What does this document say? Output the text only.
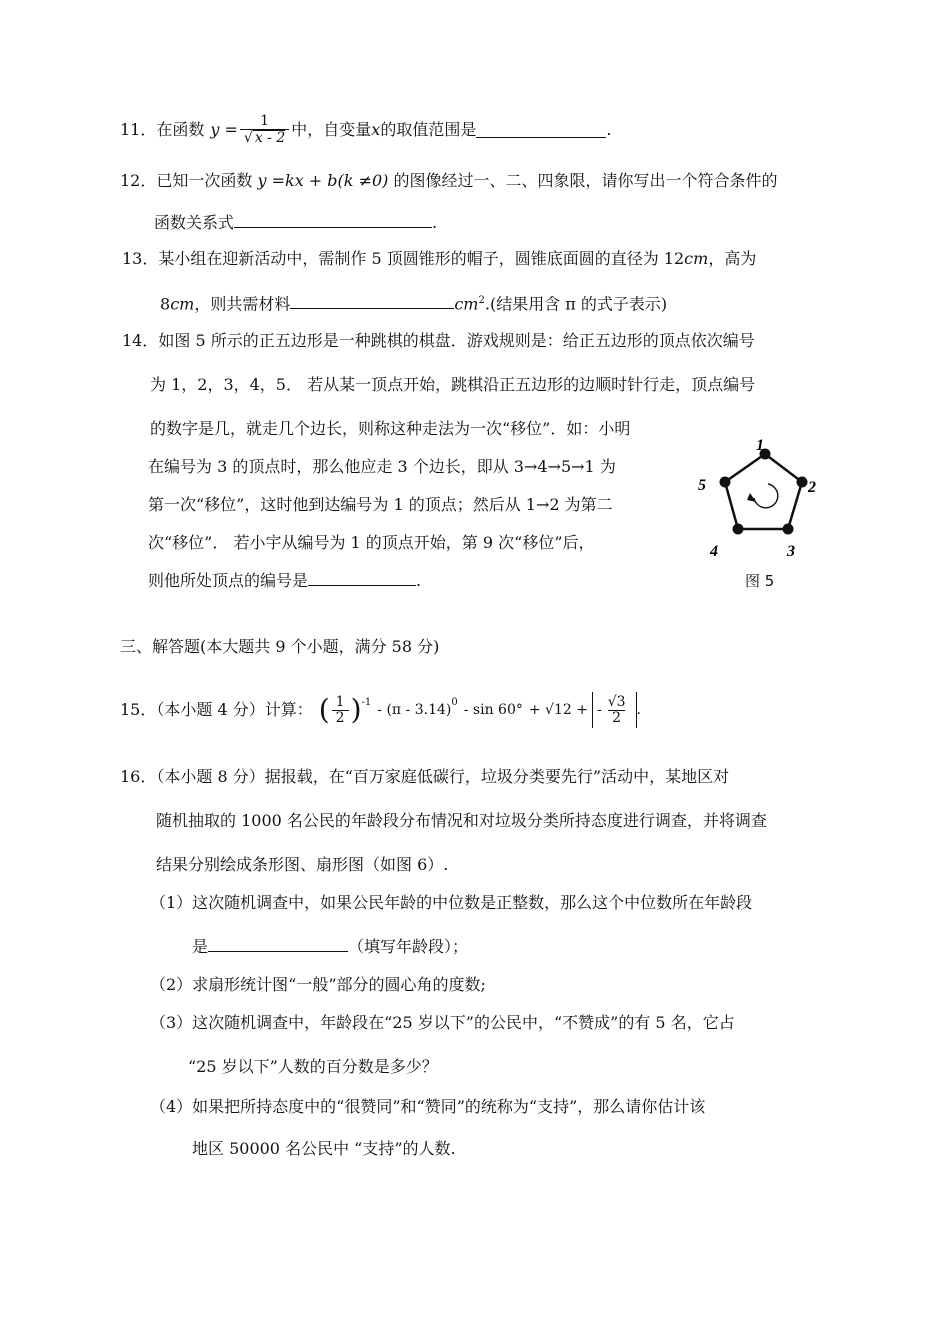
11．在函数 $y = \frac{1}{√ x - 2}$ 中，自变量 x 的取值范围是	.
12．已知一次函数 y =kx + b(k ≠0) 的图像经过一、二、四象限，请你写出一个符合条件的
函数关系式	.
13．某小组在迎新活动中，需制作 5 顶圆锥形的帽子，圆锥底面圆的直径为 12cm，高为
8cm，则共需材料	$cm^2$.(结果用含 π 的式子表示)
14．如图 5 所示的正五边形是一种跳棋的棋盘．游戏规则是：给正五边形的顶点依次编号
为 1，2，3，4，5． 若从某一顶点开始，跳棋沿正五边形的边顺时针行走，顶点编号
的数字是几，就走几个边长，则称这种走法为一次“移位”．如：小明
在编号为 3 的顶点时，那么他应走 3 个边长，即从 3→4→5→1 为
第一次“移位”，这时他到达编号为 1 的顶点；然后从 1→2 为第二
次“移位”． 若小宇从编号为 1 的顶点开始，第 9 次“移位”后，
则他所处顶点的编号是	.
1
2
3
4
5
图 5
三、解答题(本大题共 9 个小题，满分 58 分)
15．（本小题 4 分）计算： ( $\frac{1}{2}$ ) -1 - (π - 3.14) 0 - sin 60° + √12 + - $\frac{√3}{2}$ .
16．（本小题 8 分）据报载，在“百万家庭低碳行，垃圾分类要先行”活动中，某地区对
随机抽取的 1000 名公民的年龄段分布情况和对垃圾分类所持态度进行调查，并将调查
结果分别绘成条形图、扇形图（如图 6）.
（1）这次随机调查中，如果公民年龄的中位数是正整数，那么这个中位数所在年龄段
是	（填写年龄段）；
（2）求扇形统计图“一般”部分的圆心角的度数;
（3）这次随机调查中，年龄段在“25 岁以下”的公民中，“不赞成”的有 5 名，它占
“25 岁以下”人数的百分数是多少？
（4）如果把所持态度中的“很赞同”和“赞同”的统称为“支持”，那么请你估计该
地区 50000 名公民中 “支持”的人数.
